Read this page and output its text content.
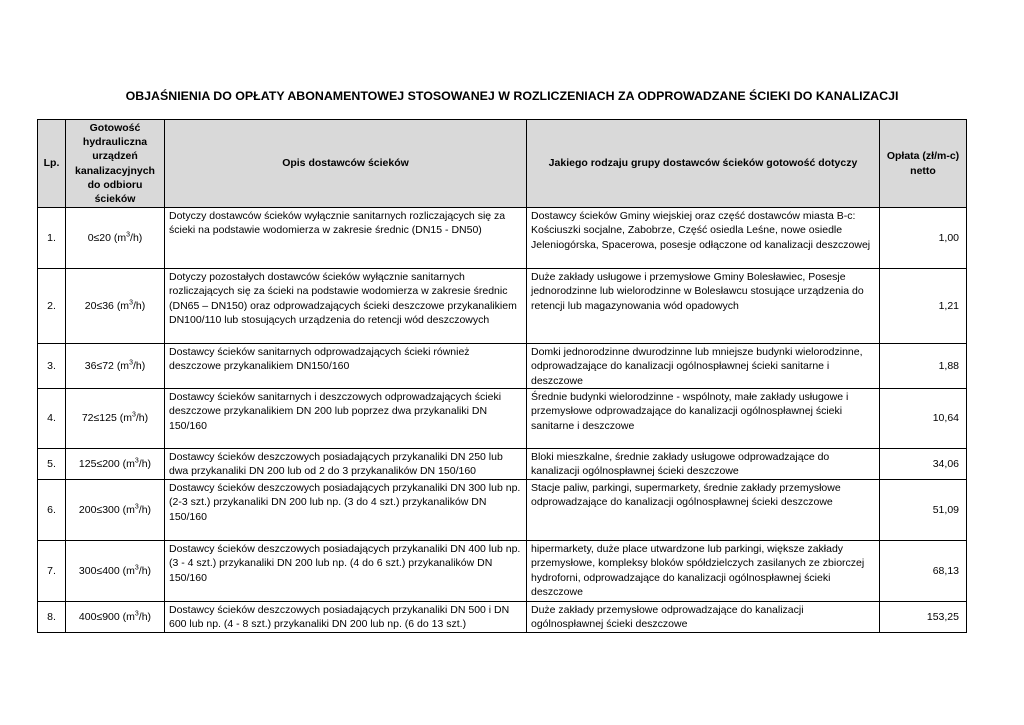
OBJAŚNIENIA DO OPŁATY ABONAMENTOWEJ STOSOWANEJ W ROZLICZENIACH ZA ODPROWADZANE ŚCIEKI DO KANALIZACJI
Lp.	Gotowość hydrauliczna urządzeń kanalizacyjnych do odbioru ścieków	Opis dostawców ścieków	Jakiego rodzaju grupy dostawców ścieków gotowość dotyczy	Opłata (zł/m-c) netto
1.	0≤20 $(m^3/h)$	Dotyczy dostawców ścieków wyłącznie sanitarnych rozliczających się za ścieki na podstawie wodomierza w zakresie średnic (DN15 - DN50)	Dostawcy ścieków Gminy wiejskiej oraz część dostawców miasta B-c: Kościuszki socjalne, Zabobrze, Część osiedla Leśne, nowe osiedle Jeleniogórska, Spacerowa, posesje odłączone od kanalizacji deszczowej	1,00
2.	20≤36 $(m^3/h)$	Dotyczy pozostałych dostawców ścieków wyłącznie sanitarnych rozliczających się za ścieki na podstawie wodomierza w zakresie średnic (DN65 – DN150) oraz odprowadzających ścieki deszczowe przykanalikiem DN100/110 lub stosujących urządzenia do retencji wód deszczowych	Duże zakłady usługowe i przemysłowe Gminy Bolesławiec, Posesje jednorodzinne lub wielorodzinne w Bolesławcu stosujące urządzenia do retencji lub magazynowania wód opadowych	1,21
3.	36≤72 $(m^3/h)$	Dostawcy ścieków sanitarnych odprowadzających ścieki również deszczowe przykanalikiem DN150/160	Domki jednorodzinne dwurodzinne lub mniejsze budynki wielorodzinne, odprowadzające do kanalizacji ogólnospławnej ścieki sanitarne i deszczowe	1,88
4.	72≤125 $(m^3/h)$	Dostawcy ścieków sanitarnych i deszczowych odprowadzających ścieki deszczowe przykanalikiem DN 200 lub poprzez dwa przykanaliki DN 150/160	Średnie budynki wielorodzinne - wspólnoty, małe zakłady usługowe i przemysłowe odprowadzające do kanalizacji ogólnospławnej ścieki sanitarne i deszczowe	10,64
5.	125≤200 $(m^3/h)$	Dostawcy ścieków deszczowych posiadających przykanaliki DN 250 lub dwa przykanaliki DN 200 lub od 2 do 3 przykanalików DN 150/160	Bloki mieszkalne, średnie zakłady usługowe odprowadzające do kanalizacji ogólnospławnej ścieki deszczowe	34,06
6.	200≤300 $(m^3/h)$	Dostawcy ścieków deszczowych posiadających przykanaliki DN 300 lub np. (2-3 szt.) przykanaliki DN 200 lub np. (3 do 4 szt.) przykanalików DN 150/160	Stacje paliw, parkingi, supermarkety, średnie zakłady przemysłowe odprowadzające do kanalizacji ogólnospławnej ścieki deszczowe	51,09
7.	300≤400 $(m^3/h)$	Dostawcy ścieków deszczowych posiadających przykanaliki DN 400 lub np. (3 - 4 szt.) przykanaliki DN 200 lub np. (4 do 6 szt.) przykanalików DN 150/160	hipermarkety, duże place utwardzone lub parkingi, większe zakłady przemysłowe, kompleksy bloków spółdzielczych zasilanych ze zbiorczej hydroforni, odprowadzające do kanalizacji ogólnospławnej ścieki deszczowe	68,13
8.	400≤900 $(m^3/h)$	Dostawcy ścieków deszczowych posiadających przykanaliki DN 500 i DN 600 lub np. (4 - 8 szt.) przykanaliki DN 200 lub np. (6 do 13 szt.)	Duże zakłady przemysłowe odprowadzające do kanalizacji ogólnospławnej ścieki deszczowe	153,25
